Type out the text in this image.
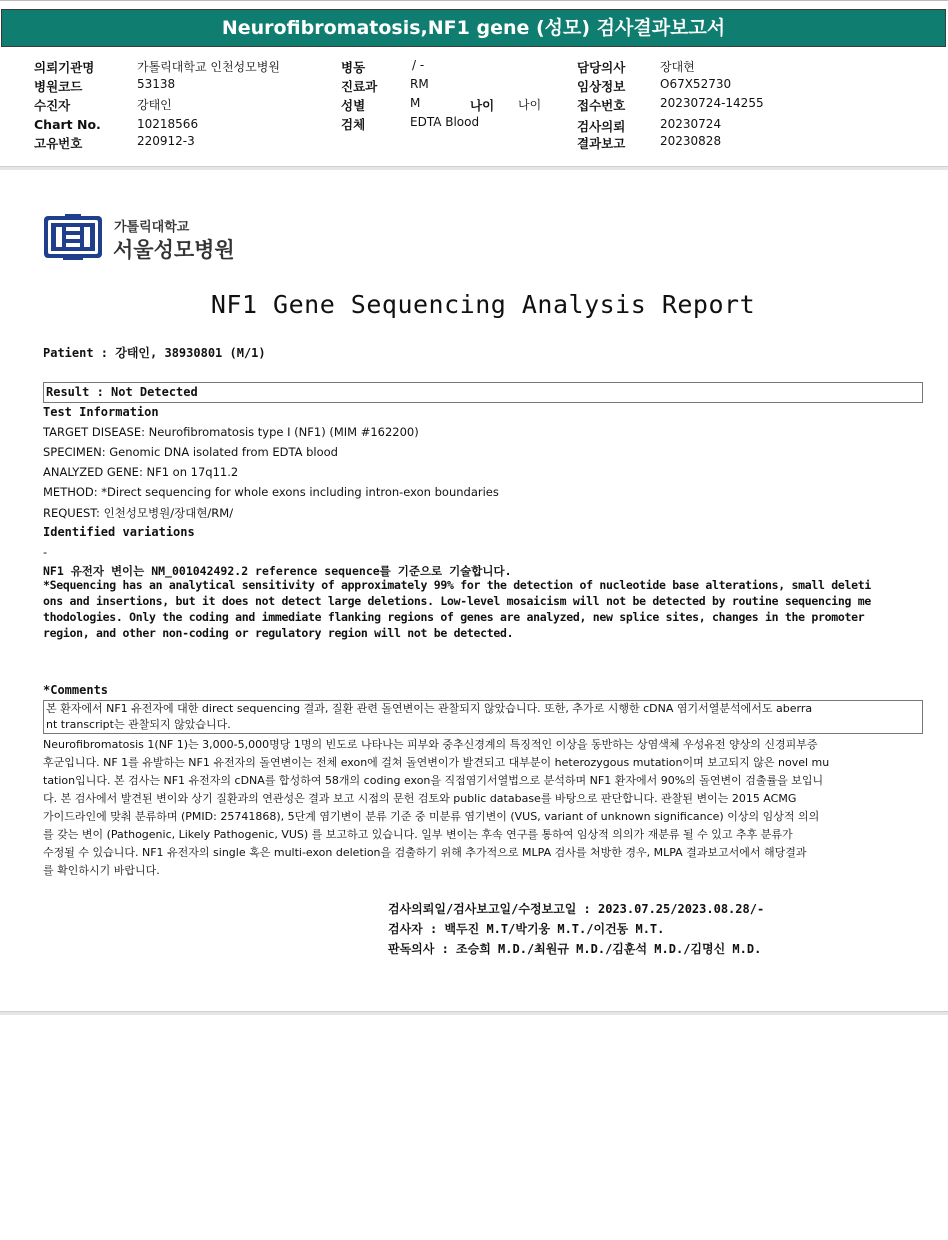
Neurofibromatosis,NF1 gene (성모) 검사결과보고서
의뢰기관명	가톨릭대학교 인천성모병원
병원코드	53138
수진자	강태인
Chart No.	10218566
고유번호	220912-3
병동	/ -
진료과	RM
성별	M	나이 나이
검체	EDTA Blood
담당의사	장대현
임상정보	O67X52730
접수번호	20230724-14255
검사의뢰	20230724
결과보고	20230828
가톨릭대학교
서울성모병원
NF1 Gene Sequencing Analysis Report
Patient : 강태인, 38930801 (M/1)
Result : Not Detected
Test Information
TARGET DISEASE: Neurofibromatosis type I (NF1) (MIM #162200)
SPECIMEN: Genomic DNA isolated from EDTA blood
ANALYZED GENE: NF1 on 17q11.2
METHOD: *Direct sequencing for whole exons including intron-exon boundaries
REQUEST: 인천성모병원/장대현/RM/
Identified variations
-
NF1 유전자 변이는 NM_001042492.2 reference sequence를 기준으로 기술합니다.
*Sequencing has an analytical sensitivity of approximately 99% for the detection of nucleotide base alterations, small deleti
ons and insertions, but it does not detect large deletions. Low-level mosaicism will not be detected by routine sequencing me
thodologies. Only the coding and immediate flanking regions of genes are analyzed, new splice sites, changes in the promoter
region, and other non-coding or regulatory region will not be detected.
*Comments
본 환자에서 NF1 유전자에 대한 direct sequencing 결과, 질환 관련 돌연변이는 관찰되지 않았습니다. 또한, 추가로 시행한 cDNA 염기서열분석에서도 aberra
nt transcript는 관찰되지 않았습니다.
Neurofibromatosis 1(NF 1)는 3,000-5,000명당 1명의 빈도로 나타나는 피부와 중추신경계의 특징적인 이상을 동반하는 상염색체 우성유전 양상의 신경피부증
후군입니다. NF 1를 유발하는 NF1 유전자의 돌연변이는 전체 exon에 걸쳐 돌연변이가 발견되고 대부분이 heterozygous mutation이며 보고되지 않은 novel mu
tation입니다. 본 검사는 NF1 유전자의 cDNA를 합성하여 58개의 coding exon을 직접염기서열법으로 분석하며 NF1 환자에서 90%의 돌연변이 검출률을 보입니
다. 본 검사에서 발견된 변이와 상기 질환과의 연관성은 결과 보고 시점의 문헌 검토와 public database를 바탕으로 판단합니다. 관찰된 변이는 2015 ACMG
가이드라인에 맞춰 분류하며 (PMID: 25741868), 5단계 염기변이 분류 기준 중 미분류 염기변이 (VUS, variant of unknown significance) 이상의 임상적 의의
를 갖는 변이 (Pathogenic, Likely Pathogenic, VUS) 를 보고하고 있습니다. 일부 변이는 후속 연구를 통하여 임상적 의의가 재분류 될 수 있고 추후 분류가
수정될 수 있습니다. NF1 유전자의 single 혹은 multi-exon deletion을 검출하기 위해 추가적으로 MLPA 검사를 처방한 경우, MLPA 결과보고서에서 해당결과
를 확인하시기 바랍니다.
검사의뢰일/검사보고일/수정보고일 : 2023.07.25/2023.08.28/-
검사자 : 백두진 M.T/박기웅 M.T./이건동 M.T.
판독의사 : 조승희 M.D./최원규 M.D./김훈석 M.D./김명신 M.D.
